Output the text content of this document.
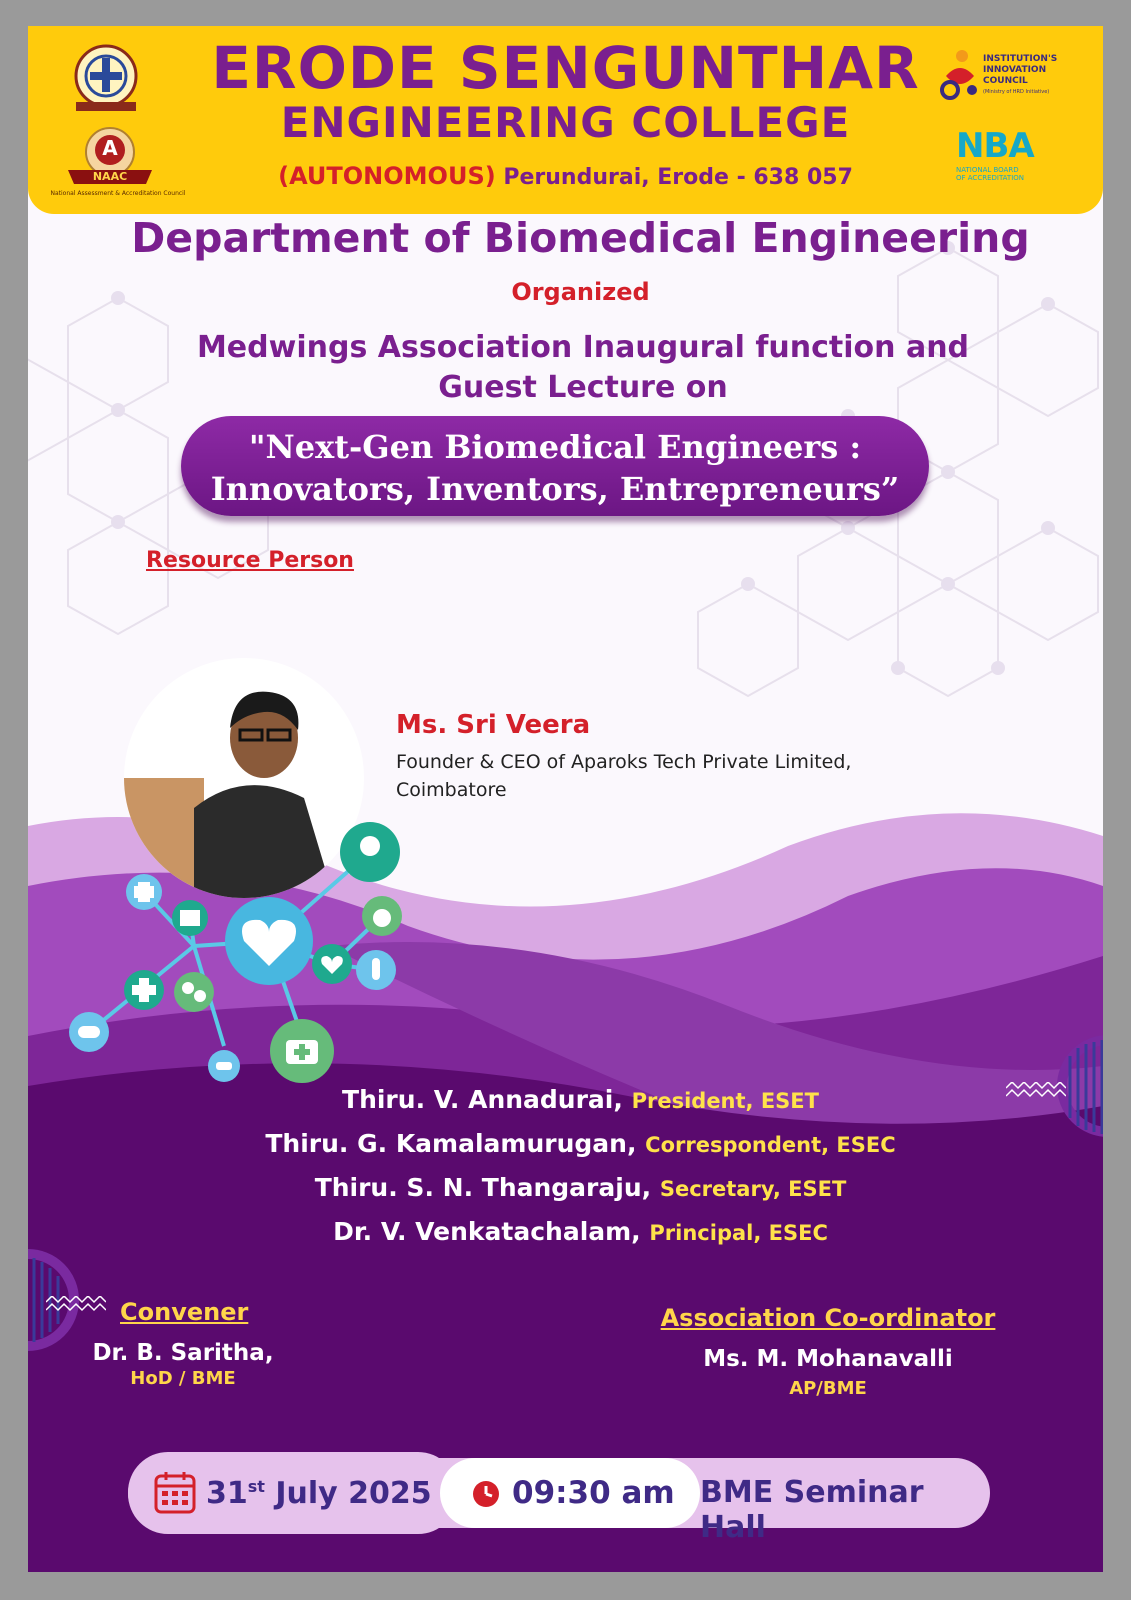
ERODE SENGUNTHAR
ENGINEERING COLLEGE
(AUTONOMOUS) Perundurai, Erode - 638 057
A
NAAC
National Assessment & Accreditation Council
INSTITUTION'S
INNOVATION
COUNCIL
(Ministry of HRD Initiative)
NBA
NATIONAL BOARD
OF ACCREDITATION
Department of Biomedical Engineering
Organized
Medwings Association Inaugural function and
Guest Lecture on
"Next-Gen Biomedical Engineers :
Innovators, Inventors, Entrepreneurs”
Resource Person
Ms. Sri Veera
Founder & CEO of Aparoks Tech Private Limited,
Coimbatore
Thiru. V. Annadurai, President, ESET
Thiru. G. Kamalamurugan, Correspondent, ESEC
Thiru. S. N. Thangaraju, Secretary, ESET
Dr. V. Venkatachalam, Principal, ESEC
Convener
Dr. B. Saritha,
HoD / BME
Association Co-ordinator
Ms. M. Mohanavalli
AP/BME
31st July 2025	09:30 am BME Seminar Hall
